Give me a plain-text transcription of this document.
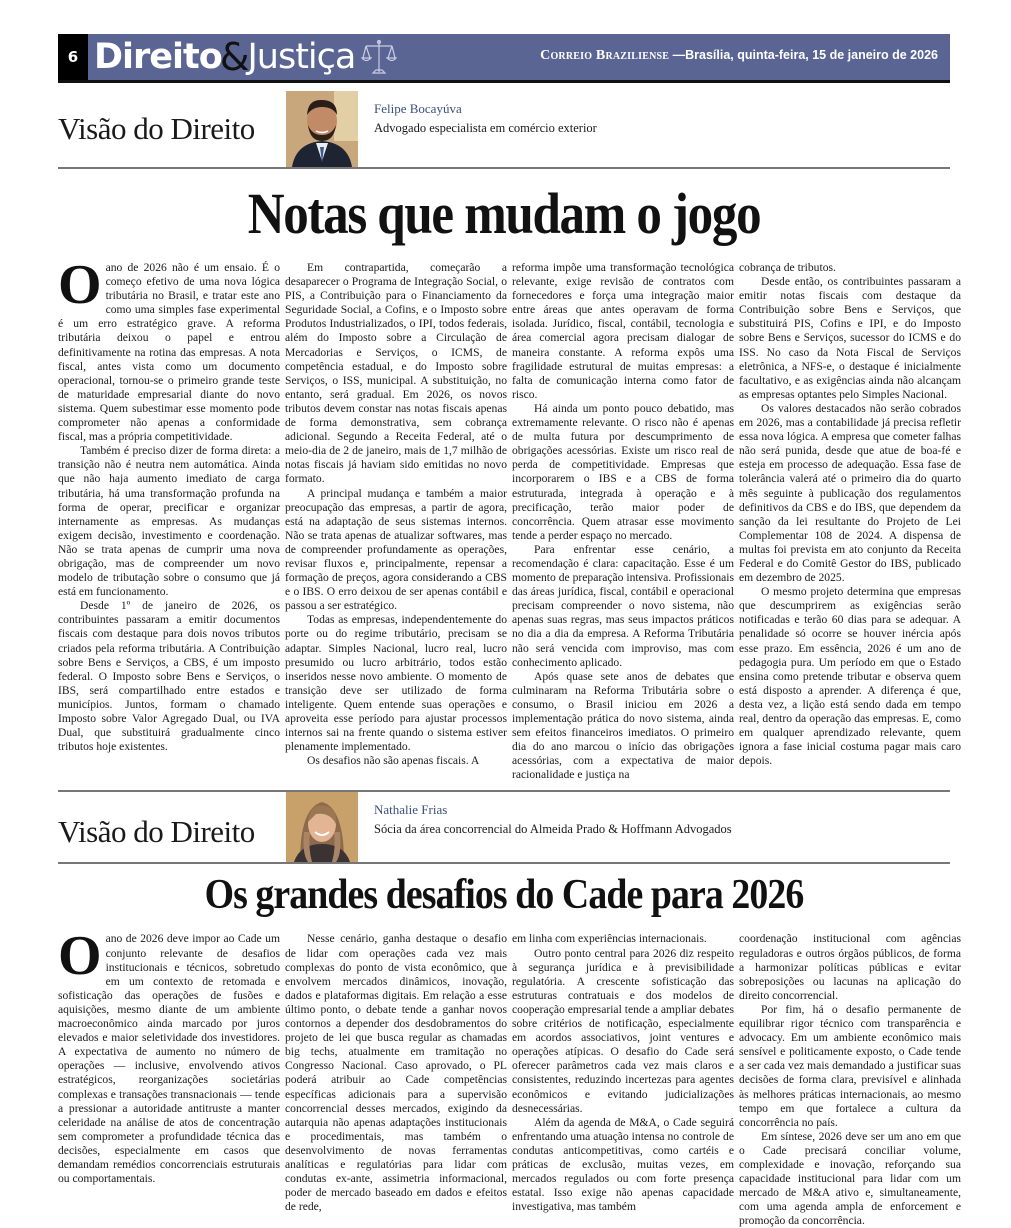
6 Direito
&
Justiça	Correio Braziliense —Brasília, quinta-feira, 15 de janeiro de 2026
Visão do Direito
Felipe Bocayúva
Advogado especialista em comércio exterior
Notas que mudam o jogo

Oano de 2026 não é um ensaio. É o começo efetivo de uma nova lógica tributária no Brasil, e tratar este ano como uma simples fase experimental é um erro estratégico grave. A reforma tributária deixou o papel e entrou definitivamente na rotina das empresas. A nota fiscal, antes vista como um documento operacional, tornou-se o primeiro grande teste de maturidade empresarial diante do novo sistema. Quem subestimar esse momento pode comprometer não apenas a conformidade fiscal, mas a própria competitividade.

Também é preciso dizer de forma direta: a transição não é neutra nem automática. Ainda que não haja aumento imediato de carga tributária, há uma transformação profunda na forma de operar, precificar e organizar internamente as empresas. As mudanças exigem decisão, investimento e coordenação. Não se trata apenas de cumprir uma nova obrigação, mas de compreender um novo modelo de tributação sobre o consumo que já está em funcionamento.

Desde 1º de janeiro de 2026, os contribuintes passaram a emitir documentos fiscais com destaque para dois novos tributos criados pela reforma tributária. A Contribuição sobre Bens e Serviços, a CBS, é um imposto federal. O Imposto sobre Bens e Serviços, o IBS, será compartilhado entre estados e municípios. Juntos, formam o chamado Imposto sobre Valor Agregado Dual, ou IVA Dual, que substituirá gradualmente cinco tributos hoje existentes.

Em contrapartida, começarão a desaparecer o Programa de Integração Social, o PIS, a Contribuição para o Financiamento da Seguridade Social, a Cofins, e o Imposto sobre Produtos Industrializados, o IPI, todos federais, além do Imposto sobre a Circulação de Mercadorias e Serviços, o ICMS, de competência estadual, e do Imposto sobre Serviços, o ISS, municipal. A substituição, no entanto, será gradual. Em 2026, os novos tributos devem constar nas notas fiscais apenas de forma demonstrativa, sem cobrança adicional. Segundo a Receita Federal, até o meio-dia de 2 de janeiro, mais de 1,7 milhão de notas fiscais já haviam sido emitidas no novo formato.

A principal mudança e também a maior preocupação das empresas, a partir de agora, está na adaptação de seus sistemas internos. Não se trata apenas de atualizar softwares, mas de compreender profundamente as operações, revisar fluxos e, principalmente, repensar a formação de preços, agora considerando a CBS e o IBS. O erro deixou de ser apenas contábil e passou a ser estratégico.

Todas as empresas, independentemente do porte ou do regime tributário, precisam se adaptar. Simples Nacional, lucro real, lucro presumido ou lucro arbitrário, todos estão inseridos nesse novo ambiente. O momento de transição deve ser utilizado de forma inteligente. Quem entende suas operações e aproveita esse período para ajustar processos internos sai na frente quando o sistema estiver plenamente implementado.

Os desafios não são apenas fiscais. A

reforma impõe uma transformação tecnológica relevante, exige revisão de contratos com fornecedores e força uma integração maior entre áreas que antes operavam de forma isolada. Jurídico, fiscal, contábil, tecnologia e área comercial agora precisam dialogar de maneira constante. A reforma expôs uma fragilidade estrutural de muitas empresas: a falta de comunicação interna como fator de risco.

Há ainda um ponto pouco debatido, mas extremamente relevante. O risco não é apenas de multa futura por descumprimento de obrigações acessórias. Existe um risco real de perda de competitividade. Empresas que incorporarem o IBS e a CBS de forma estruturada, integrada à operação e à precificação, terão maior poder de concorrência. Quem atrasar esse movimento tende a perder espaço no mercado.

Para enfrentar esse cenário, a recomendação é clara: capacitação. Esse é um momento de preparação intensiva. Profissionais das áreas jurídica, fiscal, contábil e operacional precisam compreender o novo sistema, não apenas suas regras, mas seus impactos práticos no dia a dia da empresa. A Reforma Tributária não será vencida com improviso, mas com conhecimento aplicado.

Após quase sete anos de debates que culminaram na Reforma Tributária sobre o consumo, o Brasil iniciou em 2026 a implementação prática do novo sistema, ainda sem efeitos financeiros imediatos. O primeiro dia do ano marcou o início das obrigações acessórias, com a expectativa de maior racionalidade e justiça na

cobrança de tributos.

Desde então, os contribuintes passaram a emitir notas fiscais com destaque da Contribuição sobre Bens e Serviços, que substituirá PIS, Cofins e IPI, e do Imposto sobre Bens e Serviços, sucessor do ICMS e do ISS. No caso da Nota Fiscal de Serviços eletrônica, a NFS-e, o destaque é inicialmente facultativo, e as exigências ainda não alcançam as empresas optantes pelo Simples Nacional.

Os valores destacados não serão cobrados em 2026, mas a contabilidade já precisa refletir essa nova lógica. A empresa que cometer falhas não será punida, desde que atue de boa-fé e esteja em processo de adequação. Essa fase de tolerância valerá até o primeiro dia do quarto mês seguinte à publicação dos regulamentos definitivos da CBS e do IBS, que dependem da sanção da lei resultante do Projeto de Lei Complementar 108 de 2024. A dispensa de multas foi prevista em ato conjunto da Receita Federal e do Comitê Gestor do IBS, publicado em dezembro de 2025.

O mesmo projeto determina que empresas que descumprirem as exigências serão notificadas e terão 60 dias para se adequar. A penalidade só ocorre se houver inércia após esse prazo. Em essência, 2026 é um ano de pedagogia pura. Um período em que o Estado ensina como pretende tributar e observa quem está disposto a aprender. A diferença é que, desta vez, a lição está sendo dada em tempo real, dentro da operação das empresas. E, como em qualquer aprendizado relevante, quem ignora a fase inicial costuma pagar mais caro depois.

Visão do Direito
Nathalie Frias
Sócia da área concorrencial do Almeida Prado & Hoffmann Advogados
Os grandes desafios do Cade para 2026

Oano de 2026 deve impor ao Cade um conjunto relevante de desafios institucionais e técnicos, sobretudo em um contexto de retomada e sofisticação das operações de fusões e aquisições, mesmo diante de um ambiente macroeconômico ainda marcado por juros elevados e maior seletividade dos investidores. A expectativa de aumento no número de operações — inclusive, envolvendo ativos estratégicos, reorganizações societárias complexas e transações transnacionais — tende a pressionar a autoridade antitruste a manter celeridade na análise de atos de concentração sem comprometer a profundidade técnica das decisões, especialmente em casos que demandam remédios concorrenciais estruturais ou comportamentais.

Nesse cenário, ganha destaque o desafio de lidar com operações cada vez mais complexas do ponto de vista econômico, que envolvem mercados dinâmicos, inovação, dados e plataformas digitais. Em relação a esse último ponto, o debate tende a ganhar novos contornos a depender dos desdobramentos do projeto de lei que busca regular as chamadas big techs, atualmente em tramitação no Congresso Nacional. Caso aprovado, o PL poderá atribuir ao Cade competências específicas adicionais para a supervisão concorrencial desses mercados, exigindo da autarquia não apenas adaptações institucionais e procedimentais, mas também o desenvolvimento de novas ferramentas analíticas e regulatórias para lidar com condutas ex-ante, assimetria informacional, poder de mercado baseado em dados e efeitos de rede,

em linha com experiências internacionais.

Outro ponto central para 2026 diz respeito à segurança jurídica e à previsibilidade regulatória. A crescente sofisticação das estruturas contratuais e dos modelos de cooperação empresarial tende a ampliar debates sobre critérios de notificação, especialmente em acordos associativos, joint ventures e operações atípicas. O desafio do Cade será oferecer parâmetros cada vez mais claros e consistentes, reduzindo incertezas para agentes econômicos e evitando judicializações desnecessárias.

Além da agenda de M&A, o Cade seguirá enfrentando uma atuação intensa no controle de condutas anticompetitivas, como cartéis e práticas de exclusão, muitas vezes, em mercados regulados ou com forte presença estatal. Isso exige não apenas capacidade investigativa, mas também

coordenação institucional com agências reguladoras e outros órgãos públicos, de forma a harmonizar políticas públicas e evitar sobreposições ou lacunas na aplicação do direito concorrencial.

Por fim, há o desafio permanente de equilibrar rigor técnico com transparência e advocacy. Em um ambiente econômico mais sensível e politicamente exposto, o Cade tende a ser cada vez mais demandado a justificar suas decisões de forma clara, previsível e alinhada às melhores práticas internacionais, ao mesmo tempo em que fortalece a cultura da concorrência no país.

Em síntese, 2026 deve ser um ano em que o Cade precisará conciliar volume, complexidade e inovação, reforçando sua capacidade institucional para lidar com um mercado de M&A ativo e, simultaneamente, com uma agenda ampla de enforcement e promoção da concorrência.
